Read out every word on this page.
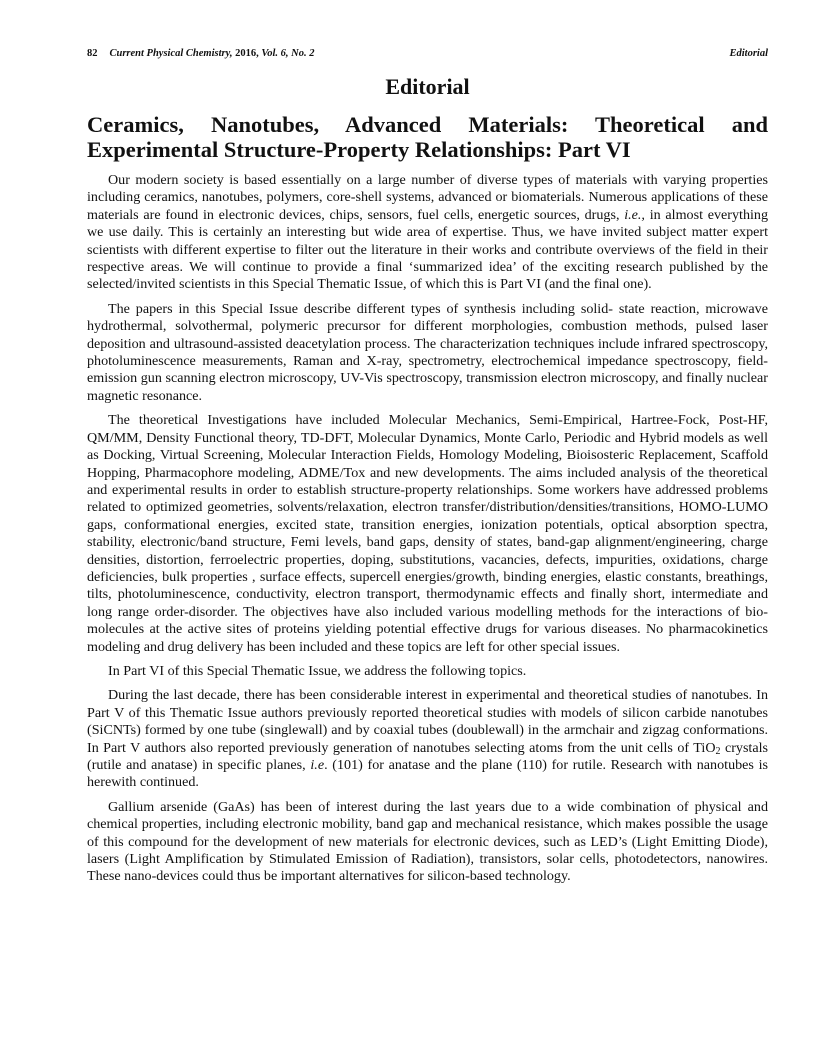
82 Current Physical Chemistry, 2016, Vol. 6, No. 2	Editorial
Editorial
Ceramics, Nanotubes, Advanced Materials: Theoretical and
Experimental Structure-Property Relationships: Part VI

Our modern society is based essentially on a large number of diverse types of materials with varying properties including ceramics, nanotubes, polymers, core-shell systems, advanced or biomaterials. Numerous applications of these materials are found in electronic devices, chips, sensors, fuel cells, energetic sources, drugs, i.e., in almost everything we use daily. This is certainly an interesting but wide area of expertise. Thus, we have invited subject matter expert scientists with different expertise to filter out the literature in their works and contribute overviews of the field in their respective areas. We will continue to provide a final ‘summarized idea’ of the exciting research published by the selected/invited scientists in this Special Thematic Issue, of which this is Part VI (and the final one).

The papers in this Special Issue describe different types of synthesis including solid- state reaction, microwave hydrothermal, solvothermal, polymeric precursor for different morphologies, combustion methods, pulsed laser deposition and ultrasound-assisted deacetylation process. The characterization techniques include infrared spectroscopy, photoluminescence measurements, Raman and X-ray, spectrometry, electrochemical impedance spectroscopy, field-emission gun scanning electron microscopy, UV-Vis spectroscopy, transmission electron microscopy, and finally nuclear magnetic resonance.

The theoretical Investigations have included Molecular Mechanics, Semi-Empirical, Hartree-Fock, Post-HF, QM/MM, Density Functional theory, TD-DFT, Molecular Dynamics, Monte Carlo, Periodic and Hybrid models as well as Docking, Virtual Screening, Molecular Interaction Fields, Homology Modeling, Bioisosteric Replacement, Scaffold Hopping, Pharmacophore modeling, ADME/Tox and new developments. The aims included analysis of the theoretical and experimental results in order to establish structure-property relationships. Some workers have addressed problems related to optimized geometries, solvents/relaxation, electron transfer/distribution/densities/transitions, HOMO-LUMO gaps, conformational energies, excited state, transition energies, ionization potentials, optical absorption spectra, stability, electronic/band structure, Femi levels, band gaps, density of states, band-gap alignment/engineering, charge densities, distortion, ferroelectric properties, doping, substitutions, vacancies, defects, impurities, oxidations, charge deficiencies, bulk properties , surface effects, supercell energies/growth, binding energies, elastic constants, breathings, tilts, photoluminescence, conductivity, electron transport, thermodynamic effects and finally short, intermediate and long range order-disorder. The objectives have also included various modelling methods for the interactions of bio-molecules at the active sites of proteins yielding potential effective drugs for various diseases. No pharmacokinetics modeling and drug delivery has been included and these topics are left for other special issues.

In Part VI of this Special Thematic Issue, we address the following topics.

During the last decade, there has been considerable interest in experimental and theoretical studies of nanotubes. In Part V of this Thematic Issue authors previously reported theoretical studies with models of silicon carbide nanotubes (SiCNTs) formed by one tube (singlewall) and by coaxial tubes (doublewall) in the armchair and zigzag conformations. In Part V authors also reported previously generation of nanotubes selecting atoms from the unit cells of TiO$_2$ crystals (rutile and anatase) in specific planes, i.e. (101) for anatase and the plane (110) for rutile. Research with nanotubes is herewith continued.

Gallium arsenide (GaAs) has been of interest during the last years due to a wide combination of physical and chemical properties, including electronic mobility, band gap and mechanical resistance, which makes possible the usage of this compound for the development of new materials for electronic devices, such as LED’s (Light Emitting Diode), lasers (Light Amplification by Stimulated Emission of Radiation), transistors, solar cells, photodetectors, nanowires. These nano-devices could thus be important alternatives for silicon-based technology.
